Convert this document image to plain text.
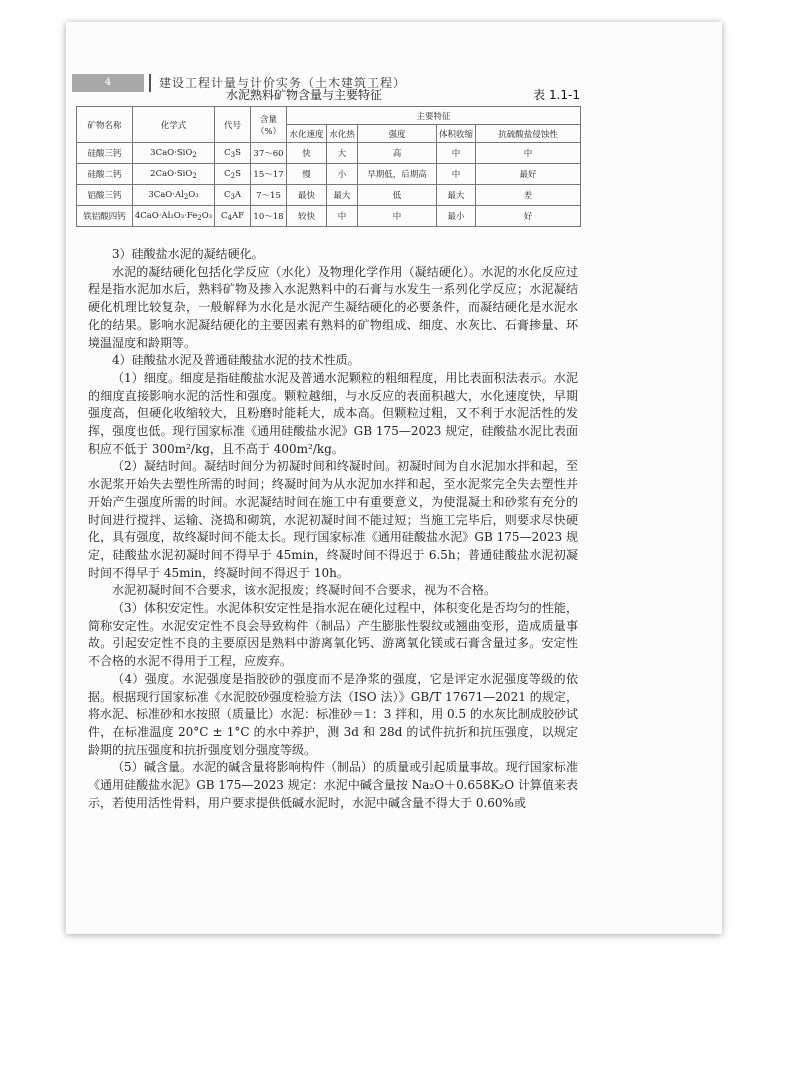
4	建设工程计量与计价实务（土木建筑工程）
水泥熟料矿物含量与主要特征	表 1.1-1
矿物名称	化学式	代号	含量
（%）	主要特征				
				水化速度	水化热	强度	体积收缩	抗硫酸盐侵蚀性
硅酸三钙	3CaO·SiO$_2$	$C_3S$	37～60	快	大	高	中	中
硅酸二钙	2CaO·SiO$_2$	$C_2S$	15～17	慢	小	早期低，后期高	中	最好
铝酸三钙	$3CaO\cdot Al_2O_3$	$C_3A$	7～15	最快	最大	低	最大	差
铁铝酸四钙	$4CaO\cdot Al_2O_3\cdot Fe_2O_3$	$C_4AF$	10～18	较快	中	中	最小	好

3）硅酸盐水泥的凝结硬化。

水泥的凝结硬化包括化学反应（水化）及物理化学作用（凝结硬化）。水泥的水化反应过程是指水泥加水后，熟料矿物及掺入水泥熟料中的石膏与水发生一系列化学反应；水泥凝结硬化机理比较复杂，一般解释为水化是水泥产生凝结硬化的必要条件，而凝结硬化是水泥水化的结果。影响水泥凝结硬化的主要因素有熟料的矿物组成、细度、水灰比、石膏掺量、环境温湿度和龄期等。

4）硅酸盐水泥及普通硅酸盐水泥的技术性质。

（1）细度。细度是指硅酸盐水泥及普通水泥颗粒的粗细程度，用比表面积法表示。水泥的细度直接影响水泥的活性和强度。颗粒越细，与水反应的表面积越大，水化速度快，早期强度高，但硬化收缩较大，且粉磨时能耗大，成本高。但颗粒过粗，又不利于水泥活性的发挥，强度也低。现行国家标准《通用硅酸盐水泥》GB 175—2023 规定，硅酸盐水泥比表面积应不低于 300m²/kg，且不高于 400m²/kg。

（2）凝结时间。凝结时间分为初凝时间和终凝时间。初凝时间为自水泥加水拌和起，至水泥浆开始失去塑性所需的时间；终凝时间为从水泥加水拌和起，至水泥浆完全失去塑性并开始产生强度所需的时间。水泥凝结时间在施工中有重要意义，为使混凝土和砂浆有充分的时间进行搅拌、运输、浇捣和砌筑，水泥初凝时间不能过短；当施工完毕后，则要求尽快硬化，具有强度，故终凝时间不能太长。现行国家标准《通用硅酸盐水泥》GB 175—2023 规定，硅酸盐水泥初凝时间不得早于 45min，终凝时间不得迟于 6.5h；普通硅酸盐水泥初凝时间不得早于 45min，终凝时间不得迟于 10h。

水泥初凝时间不合要求，该水泥报废；终凝时间不合要求，视为不合格。

（3）体积安定性。水泥体积安定性是指水泥在硬化过程中，体积变化是否均匀的性能，简称安定性。水泥安定性不良会导致构件（制品）产生膨胀性裂纹或翘曲变形，造成质量事故。引起安定性不良的主要原因是熟料中游离氧化钙、游离氧化镁或石膏含量过多。安定性不合格的水泥不得用于工程，应废弃。

（4）强度。水泥强度是指胶砂的强度而不是净浆的强度，它是评定水泥强度等级的依据。根据现行国家标准《水泥胶砂强度检验方法（ISO 法）》GB/T 17671—2021 的规定，将水泥、标准砂和水按照（质量比）水泥：标准砂＝1：3 拌和，用 0.5 的水灰比制成胶砂试件，在标准温度 20°C ± 1°C 的水中养护，测 3d 和 28d 的试件抗折和抗压强度，以规定龄期的抗压强度和抗折强度划分强度等级。

（5）碱含量。水泥的碱含量将影响构件（制品）的质量或引起质量事故。现行国家标准《通用硅酸盐水泥》GB 175—2023 规定：水泥中碱含量按 Na₂O＋0.658K₂O 计算值来表示，若使用活性骨料，用户要求提供低碱水泥时，水泥中碱含量不得大于 0.60%或
